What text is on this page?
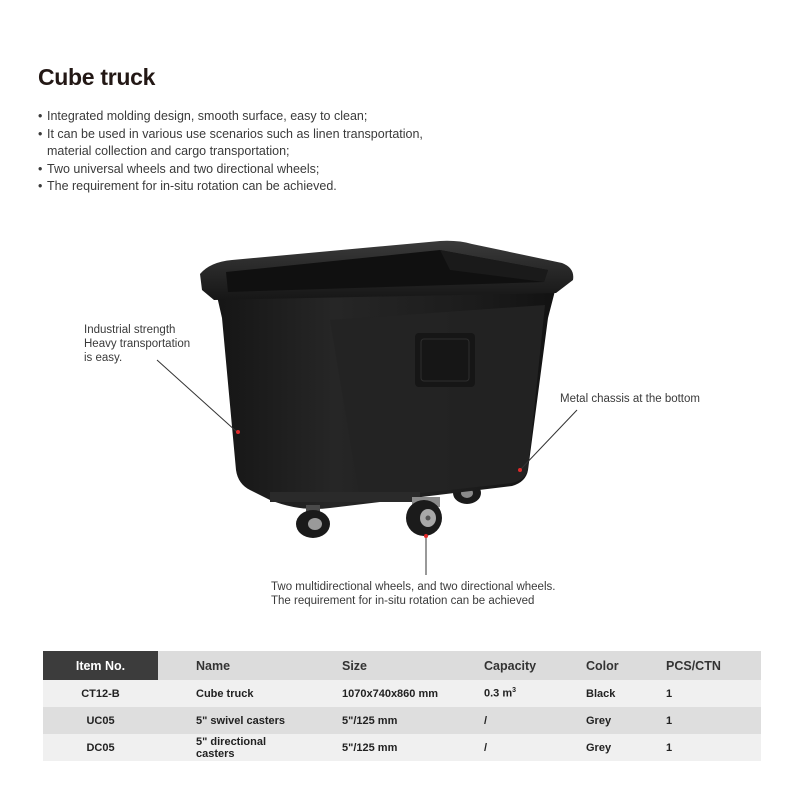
Cube truck
• Integrated molding design, smooth surface, easy to clean;
• It can be used in various use scenarios such as linen transportation,
material collection and cargo transportation;
• Two universal wheels and two directional wheels;
• The requirement for in-situ rotation can be achieved.
Industrial strength
Heavy transportation
is easy.
Metal chassis at the bottom
Two multidirectional wheels, and two directional wheels.
The requirement for in-situ rotation can be achieved
Item No.	Name	Size	Capacity	Color	PCS/CTN
CT12-B	Cube truck	1070x740x860 mm	0.3 $m^3$	Black	1
UC05	5" swivel casters	5"/125 mm	/	Grey	1
DC05	5" directional casters	5"/125 mm	/	Grey	1
